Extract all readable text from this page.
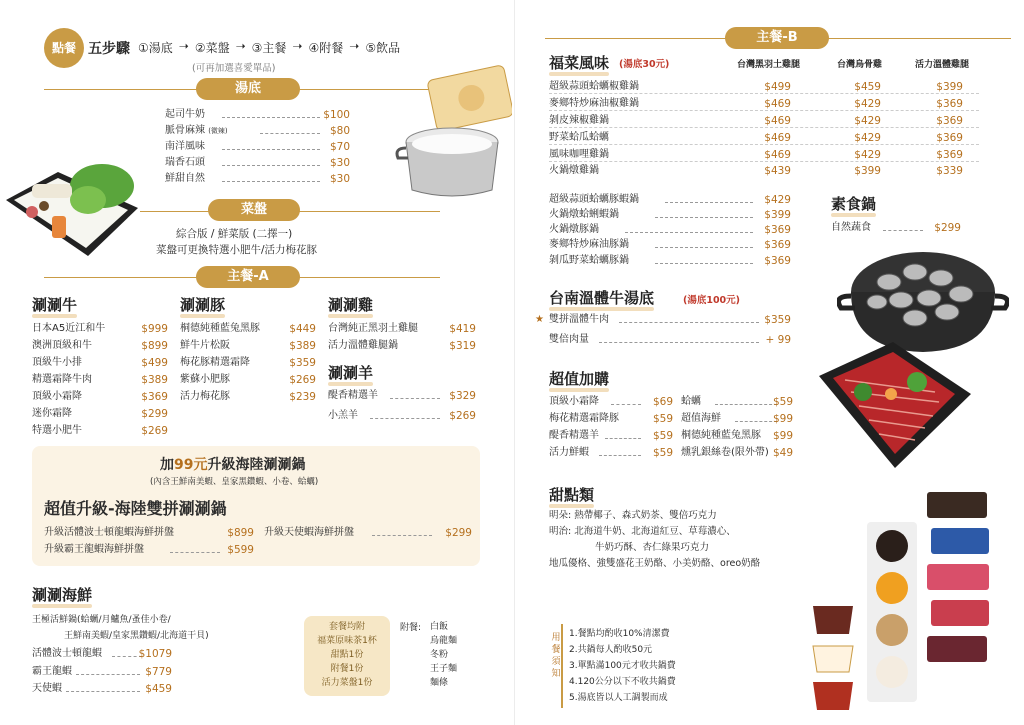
點餐 五步驟 ①湯底 ➝ ②菜盤 ➝ ③主餐 ➝ ④附餐 ➝ ⑤飲品
(可再加選喜愛單品)
湯底
起司牛奶	$100
脈骨麻辣 (微辣)	$80
南洋風味	$70
瑞香石頭	$30
鮮甜自然	$30
菜盤
綜合版 / 鮮菜版 (二擇一)
菜盤可更換特選小肥牛/活力梅花豚
主餐-A
涮涮牛
日本A5近江和牛	$999
澳洲頂級和牛	$899
頂級牛小排	$499
精選霜降牛肉	$389
頂級小霜降	$369
迷你霜降	$299
特選小肥牛	$269
涮涮豚
桐德純種藍兔黑豚	$449
鮮牛片松阪	$389
梅花豚精選霜降	$359
紫蘇小肥豚	$269
活力梅花豚	$239
涮涮雞
台灣純正黑羽土雞腿	$419
活力溫體雞腿鍋	$319
涮涮羊
醍香精選羊	$329
小羔羊	$269
加99元升級海陸涮涮鍋
(內含王鮮南美蝦、皇家黑鑽蝦、小卷、蛤蠣)
超值升級-海陸雙拼涮涮鍋
升級活體波士頓龍蝦海鮮拼盤	$899 升級天使蝦海鮮拼盤	$299
升級霸王龍蝦海鮮拼盤	$599
涮涮海鮮
王極活鮮鍋(蛤蠣/月鱸魚/蚤佳小卷/
王鮮南美蝦/皇家黑鑽蝦/北海道干貝)
活體波士頓龍蝦	$1079
霸王龍蝦	$779
天使蝦	$459
套餐均附
福菜原味茶1杯
甜點1份
附餐1份
活力菜盤1份
附餐: 白飯
烏龍麵
冬粉
王子麵
麵條
主餐-B
福菜風味 (湯底30元)	台灣黑羽土雞腿	台灣烏骨雞	活力溫體雞腿
超級蒜頭蛤蠣椒雞鍋	$499	$459	$399
麥鄉特炒麻油椒雞鍋	$469	$429	$369
剝皮辣椒雞鍋	$469	$429	$369
野菜蛤瓜蛤蠣	$469	$429	$369
風味咖哩雞鍋	$469	$429	$369
火鍋燉雞鍋	$439	$399	$339
超級蒜頭蛤蠣豚蝦鍋	$429
火鍋燉蛤蜊蝦鍋	$399
火鍋燉豚鍋	$369
麥鄉特炒麻油豚鍋	$369
剝瓜野菜蛤蠣豚鍋	$369
素食鍋
自然蔬食	$299
台南溫體牛湯底	(湯底100元)
★ 雙拼溫體牛肉	$359
雙倍肉量	+ 99
超值加購
頂級小霜降	$69
梅花精選霜降豚	$59
醍香精選羊	$59
活力鮮蝦	$59
蛤蠣	$59
超值海鮮	$99
桐德純種藍兔黑豚	$99
燻乳銀絲卷(限外帶) $49
甜點類
明朵: 熱帶椰子、森式奶茶、雙倍巧克力
明治: 北海道牛奶、北海道紅豆、草莓濃心、
牛奶巧酥、杏仁綠果巧克力
地瓜優格、強雙盛花王奶酪、小美奶酪、oreo奶酪
用餐須知
1.餐點均酌收10%清潔費
2.共鍋每人酌收50元
3.單點滿100元才收共鍋費
4.120公分以下不收共鍋費
5.湯底皆以人工調製而成
